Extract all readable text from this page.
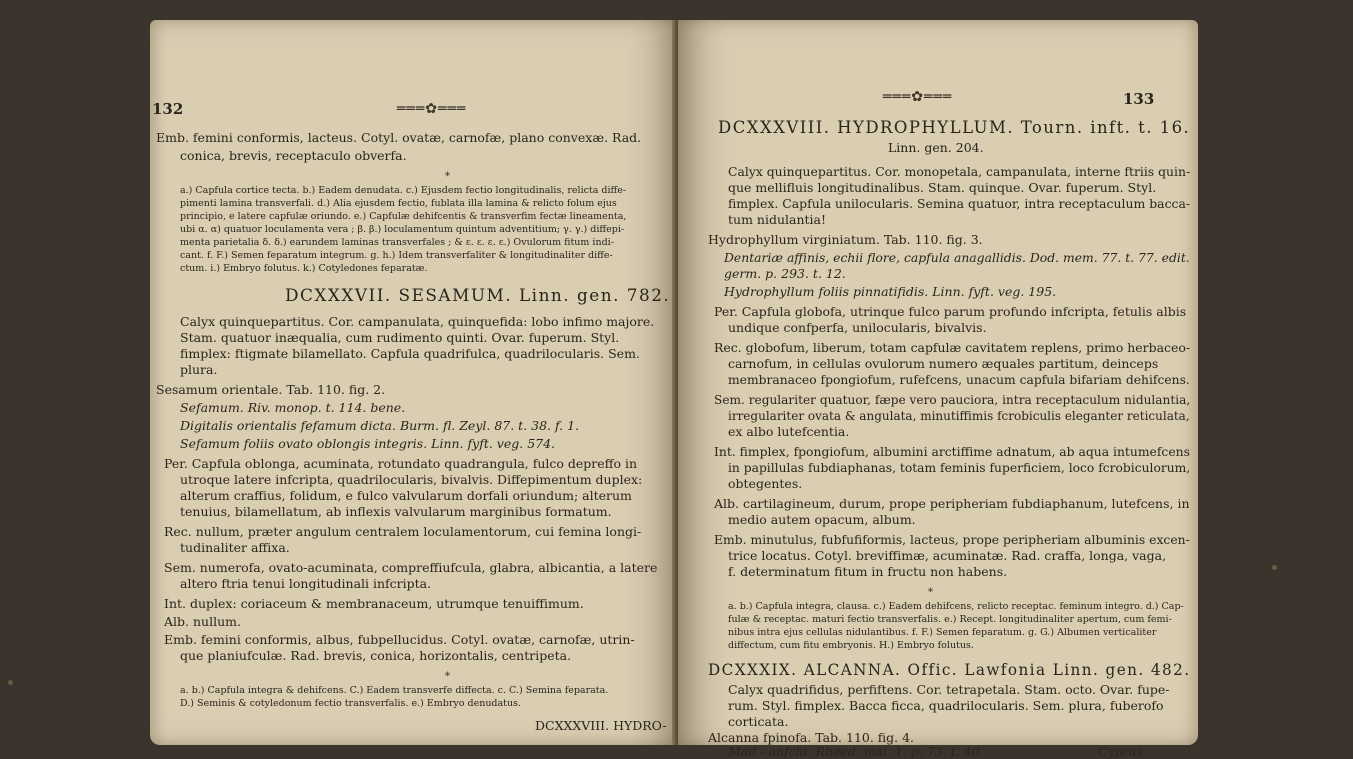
132	═══✿═══
Emb. femini conformis, lacteus. Cotyl. ovatæ, carnofæ, plano convexæ. Rad.
conica, brevis, receptaculo obverfa.
*
a.) Capfula cortice tecta. b.) Eadem denudata. c.) Ejusdem fectio longitudinalis, relicta diffe-
pimenti lamina transverfali. d.) Alia ejusdem fectio, fublata illa lamina & relicto folum ejus
principio, e latere capfulæ oriundo. e.) Capfulæ dehifcentis & transverfim fectæ lineamenta,
ubi α. α) quatuor loculamenta vera ; β. β.) loculamentum quintum adventitium; γ. γ.) diffepi-
menta parietalia δ. δ.) earundem laminas transverfales ; & ε. ε. ε. ε.) Ovulorum fitum indi-
cant. f. F.) Semen feparatum integrum. g. h.) Idem transverfaliter & longitudinaliter diffe-
ctum. i.) Embryo folutus. k.) Cotyledones feparatæ.
DCXXXVII. SESAMUM. Linn. gen. 782.
Calyx quinquepartitus. Cor. campanulata, quinquefida: lobo infimo majore.
Stam. quatuor inæqualia, cum rudimento quinti. Ovar. fuperum. Styl.
fimplex: ftigmate bilamellato. Capfula quadrifulca, quadrilocularis. Sem.
plura.
Sesamum orientale. Tab. 110. fig. 2.
Sefamum. Riv. monop. t. 114. bene.
Digitalis orientalis fefamum dicta. Burm. fl. Zeyl. 87. t. 38. f. 1.
Sefamum foliis ovato oblongis integris. Linn. fyft. veg. 574.
Per. Capfula oblonga, acuminata, rotundato quadrangula, fulco depreffo in
utroque latere infcripta, quadrilocularis, bivalvis. Diffepimentum duplex:
alterum craffius, folidum, e fulco valvularum dorfali oriundum; alterum
tenuius, bilamellatum, ab inflexis valvularum marginibus formatum.
Rec. nullum, præter angulum centralem loculamentorum, cui femina longi-
tudinaliter affixa.
Sem. numerofa, ovato-acuminata, compreffiufcula, glabra, albicantia, a latere
altero ftria tenui longitudinali infcripta.
Int. duplex: coriaceum & membranaceum, utrumque tenuiffimum.
Alb. nullum.
Emb. femini conformis, albus, fubpellucidus. Cotyl. ovatæ, carnofæ, utrin-
que planiufculæ. Rad. brevis, conica, horizontalis, centripeta.
*
a. b.) Capfula integra & dehifcens. C.) Eadem transverfe diffecta. c. C.) Semina feparata.
D.) Seminis & cotyledonum fectio transverfalis. e.) Embryo denudatus.
DCXXXVIII. HYDRO-
═══✿═══	133
DCXXXVIII. HYDROPHYLLUM. Tourn. inft. t. 16.
Linn. gen. 204.
Calyx quinquepartitus. Cor. monopetala, campanulata, interne ftriis quin-
que mellifluis longitudinalibus. Stam. quinque. Ovar. fuperum. Styl.
fimplex. Capfula unilocularis. Semina quatuor, intra receptaculum bacca-
tum nidulantia!
Hydrophyllum virginiatum. Tab. 110. fig. 3.
Dentariæ affinis, echii flore, capfula anagallidis. Dod. mem. 77. t. 77. edit.
germ. p. 293. t. 12.
Hydrophyllum foliis pinnatifidis. Linn. fyft. veg. 195.
Per. Capfula globofa, utrinque fulco parum profundo infcripta, fetulis albis
undique confperfa, unilocularis, bivalvis.
Rec. globofum, liberum, totam capfulæ cavitatem replens, primo herbaceo-
carnofum, in cellulas ovulorum numero æquales partitum, deinceps
membranaceo fpongiofum, rufefcens, unacum capfula bifariam dehifcens.
Sem. regulariter quatuor, fæpe vero pauciora, intra receptaculum nidulantia,
irregulariter ovata & angulata, minutiffimis fcrobiculis eleganter reticulata,
ex albo lutefcentia.
Int. fimplex, fpongiofum, albumini arctiffime adnatum, ab aqua intumefcens
in papillulas fubdiaphanas, totam feminis fuperficiem, loco fcrobiculorum,
obtegentes.
Alb. cartilagineum, durum, prope peripheriam fubdiaphanum, lutefcens, in
medio autem opacum, album.
Emb. minutulus, fubfufiformis, lacteus, prope peripheriam albuminis excen-
trice locatus. Cotyl. breviffimæ, acuminatæ. Rad. craffa, longa, vaga,
f. determinatum fitum in fructu non habens.
*
a. b.) Capfula integra, clausa. c.) Eadem dehifcens, relicto receptac. feminum integro. d.) Cap-
fulæ & receptac. maturi fectio transverfalis. e.) Recept. longitudinaliter apertum, cum femi-
nibus intra ejus cellulas nidulantibus. f. F.) Semen feparatum. g. G.) Albumen verticaliter
diffectum, cum fitu embryonis. H.) Embryo folutus.
DCXXXIX. ALCANNA. Offic. Lawfonia Linn. gen. 482.
Calyx quadrifidus, perfiftens. Cor. tetrapetala. Stam. octo. Ovar. fupe-
rum. Styl. fimplex. Bacca ficca, quadrilocularis. Sem. plura, fuberofo
corticata.
Alcanna fpinofa. Tab. 110. fig. 4.
Mail - anfchi. Rheed. mal. 1. p. 73. t. 40.	Cyprus
